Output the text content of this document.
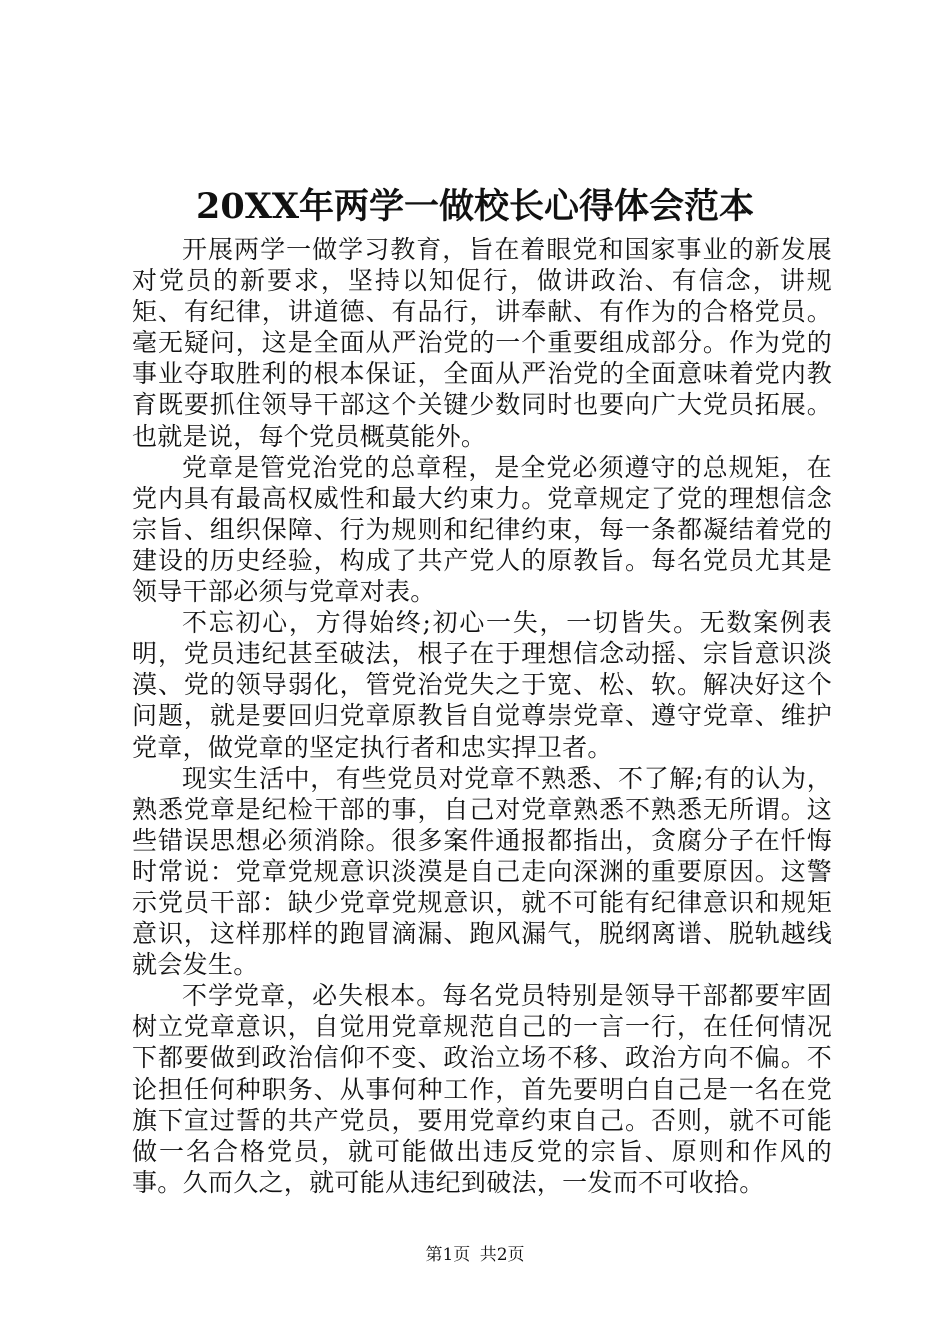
20XX年两学一做校长心得体会范本

开展两学一做学习教育，旨在着眼党和国家事业的新发展对党员的新要求，坚持以知促行，做讲政治、有信念，讲规矩、有纪律，讲道德、有品行，讲奉献、有作为的合格党员。毫无疑问，这是全面从严治党的一个重要组成部分。作为党的事业夺取胜利的根本保证，全面从严治党的全面意味着党内教育既要抓住领导干部这个关键少数同时也要向广大党员拓展。也就是说，每个党员概莫能外。

党章是管党治党的总章程，是全党必须遵守的总规矩，在党内具有最高权威性和最大约束力。党章规定了党的理想信念宗旨、组织保障、行为规则和纪律约束，每一条都凝结着党的建设的历史经验，构成了共产党人的原教旨。每名党员尤其是领导干部必须与党章对表。

不忘初心，方得始终;初心一失，一切皆失。无数案例表明，党员违纪甚至破法，根子在于理想信念动摇、宗旨意识淡漠、党的领导弱化，管党治党失之于宽、松、软。解决好这个问题，就是要回归党章原教旨自觉尊崇党章、遵守党章、维护党章，做党章的坚定执行者和忠实捍卫者。

现实生活中，有些党员对党章不熟悉、不了解;有的认为，熟悉党章是纪检干部的事，自己对党章熟悉不熟悉无所谓。这些错误思想必须消除。很多案件通报都指出，贪腐分子在忏悔时常说：党章党规意识淡漠是自己走向深渊的重要原因。这警示党员干部：缺少党章党规意识，就不可能有纪律意识和规矩意识，这样那样的跑冒滴漏、跑风漏气，脱纲离谱、脱轨越线就会发生。

不学党章，必失根本。每名党员特别是领导干部都要牢固树立党章意识，自觉用党章规范自己的一言一行，在任何情况下都要做到政治信仰不变、政治立场不移、政治方向不偏。不论担任何种职务、从事何种工作，首先要明白自己是一名在党旗下宣过誓的共产党员，要用党章约束自己。否则，就不可能做一名合格党员，就可能做出违反党的宗旨、原则和作风的事。久而久之，就可能从违纪到破法，一发而不可收拾。

第1页 共2页
